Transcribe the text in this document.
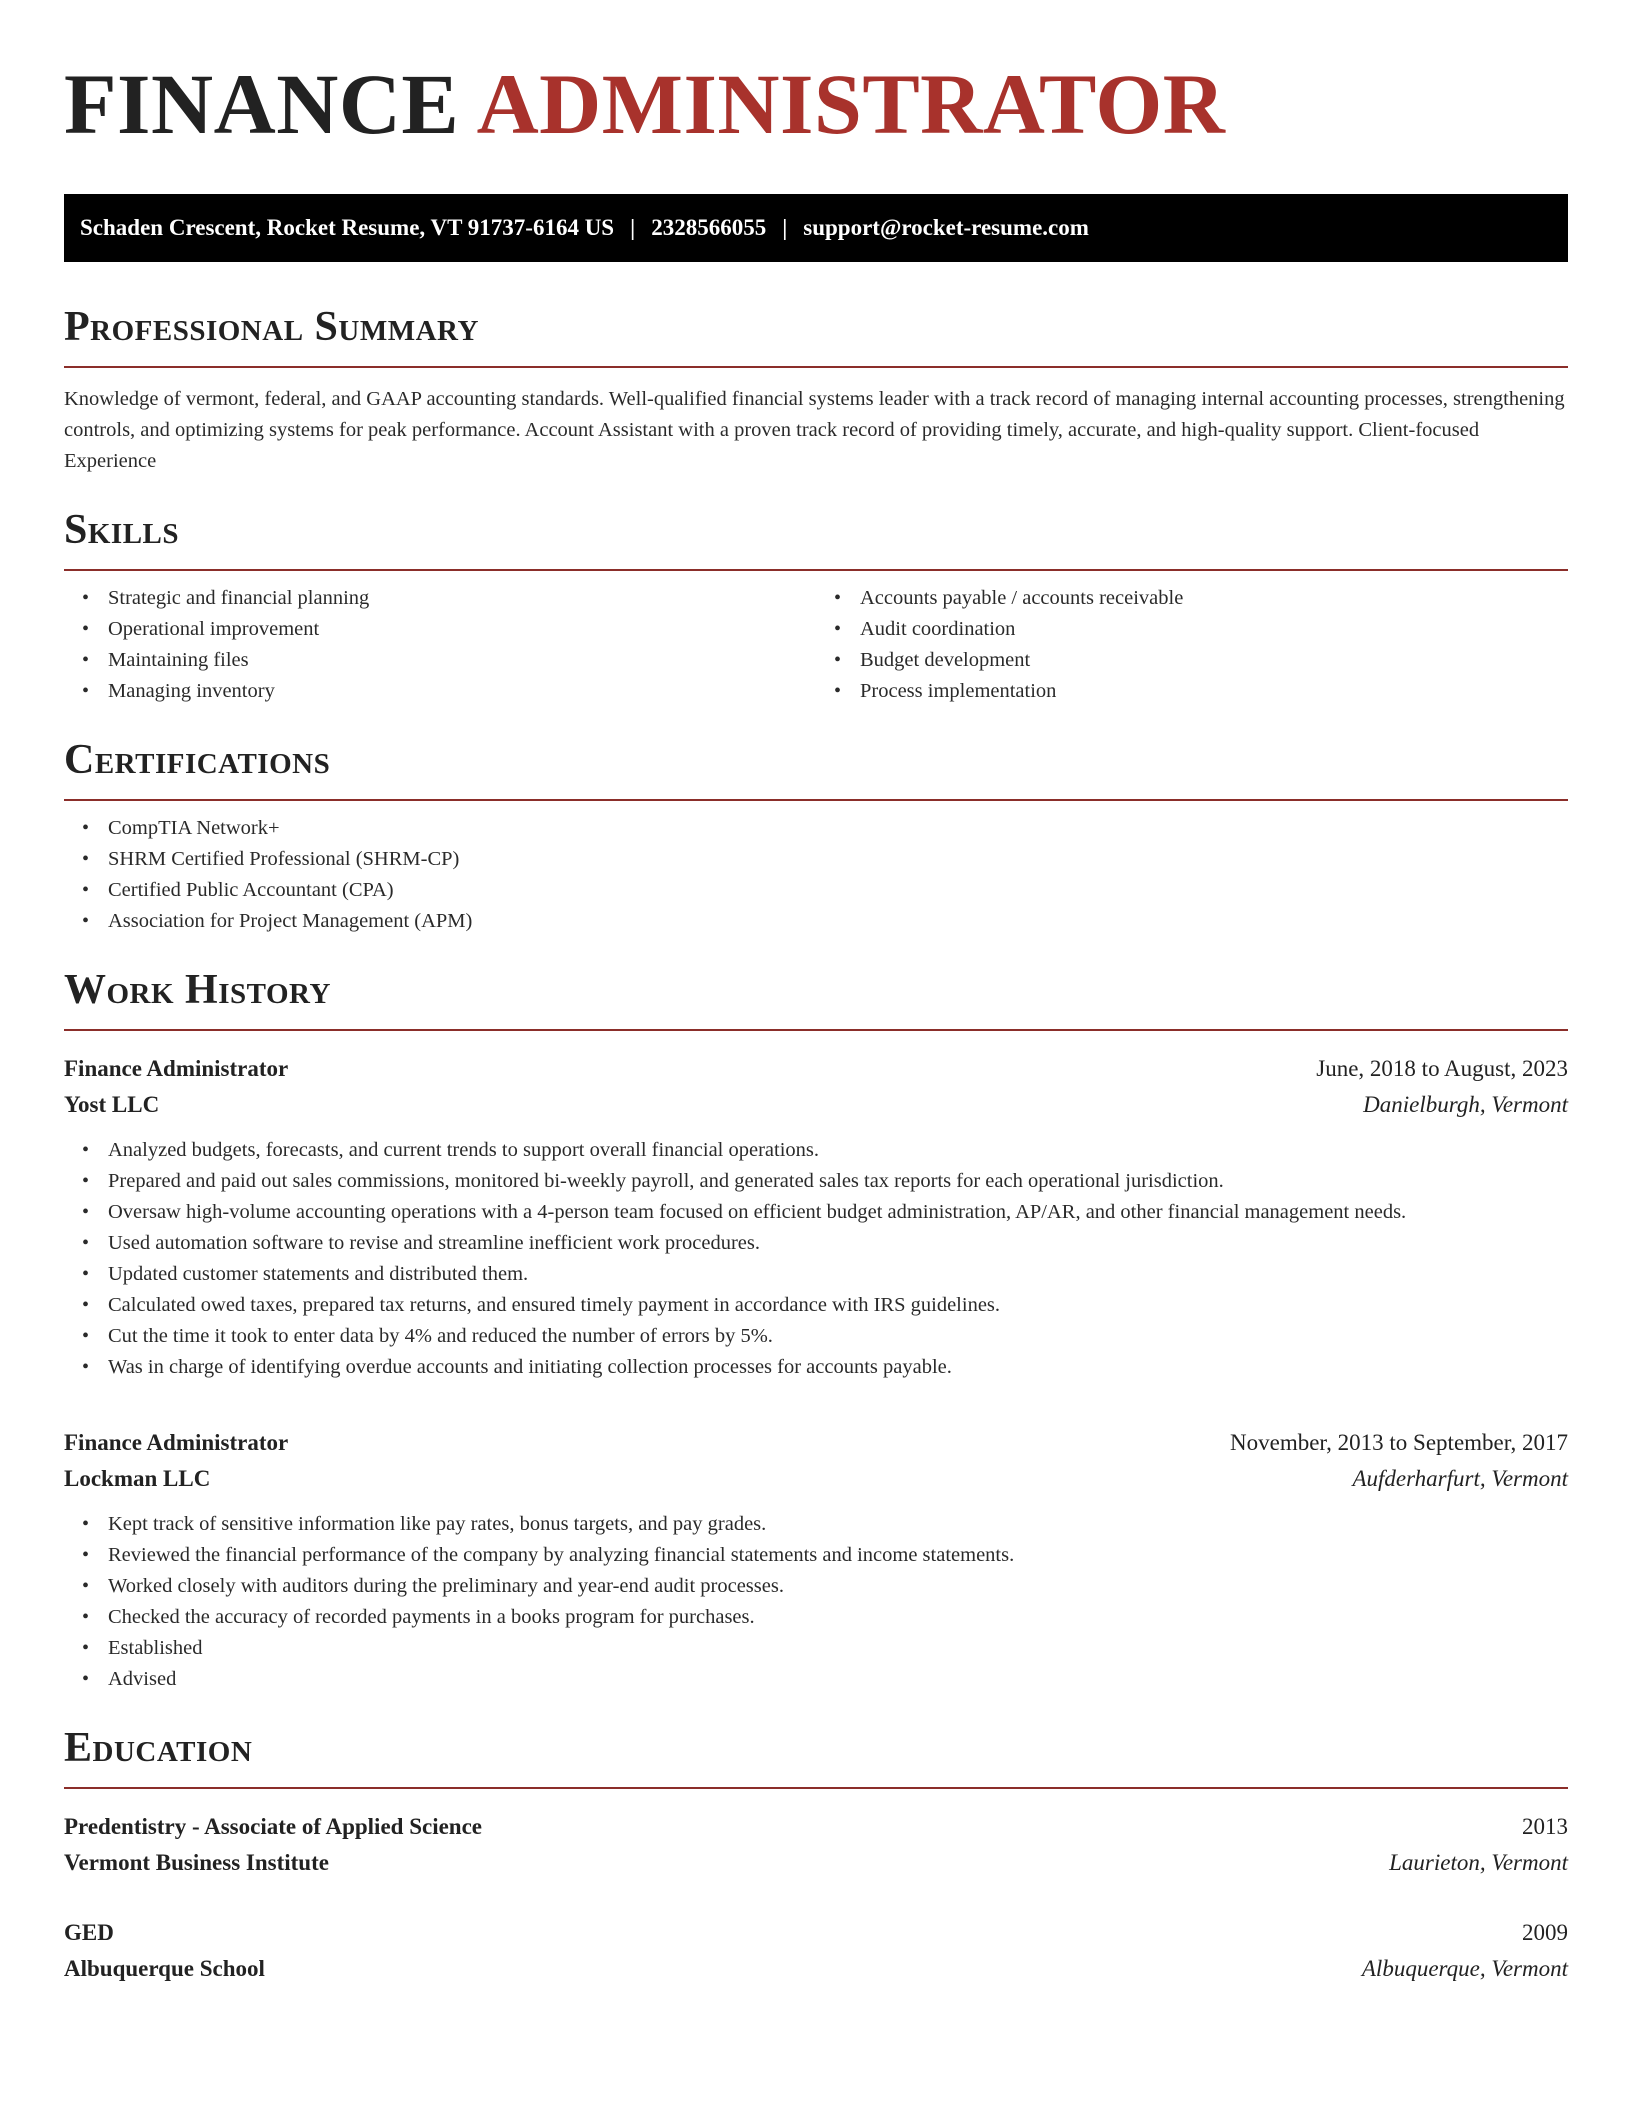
FINANCE ADMINISTRATOR
Schaden Crescent, Rocket Resume, VT 91737-6164 US | 2328566055 | support@rocket-resume.com
Professional Summary

Knowledge of vermont, federal, and GAAP accounting standards. Well-qualified financial systems leader with a track record of managing internal accounting processes, strengthening controls, and optimizing systems for peak performance. Account Assistant with a proven track record of providing timely, accurate, and high-quality support. Client-focused Experience

Skills
• Strategic and financial planning
• Operational improvement
• Maintaining files
• Managing inventory
• Accounts payable / accounts receivable
• Audit coordination
• Budget development
• Process implementation
Certifications
• CompTIA Network+
• SHRM Certified Professional (SHRM-CP)
• Certified Public Accountant (CPA)
• Association for Project Management (APM)
Work History
Finance Administrator	June, 2018 to August, 2023
Yost LLC	Danielburgh, Vermont
• Analyzed budgets, forecasts, and current trends to support overall financial operations.
• Prepared and paid out sales commissions, monitored bi-weekly payroll, and generated sales tax reports for each operational jurisdiction.
• Oversaw high-volume accounting operations with a 4-person team focused on efficient budget administration, AP/AR, and other financial management needs.
• Used automation software to revise and streamline inefficient work procedures.
• Updated customer statements and distributed them.
• Calculated owed taxes, prepared tax returns, and ensured timely payment in accordance with IRS guidelines.
• Cut the time it took to enter data by 4% and reduced the number of errors by 5%.
• Was in charge of identifying overdue accounts and initiating collection processes for accounts payable.
Finance Administrator	November, 2013 to September, 2017
Lockman LLC	Aufderharfurt, Vermont
• Kept track of sensitive information like pay rates, bonus targets, and pay grades.
• Reviewed the financial performance of the company by analyzing financial statements and income statements.
• Worked closely with auditors during the preliminary and year-end audit processes.
• Checked the accuracy of recorded payments in a books program for purchases.
• Established
• Advised
Education
Predentistry - Associate of Applied Science	2013
Vermont Business Institute	Laurieton, Vermont
GED	2009
Albuquerque School	Albuquerque, Vermont
